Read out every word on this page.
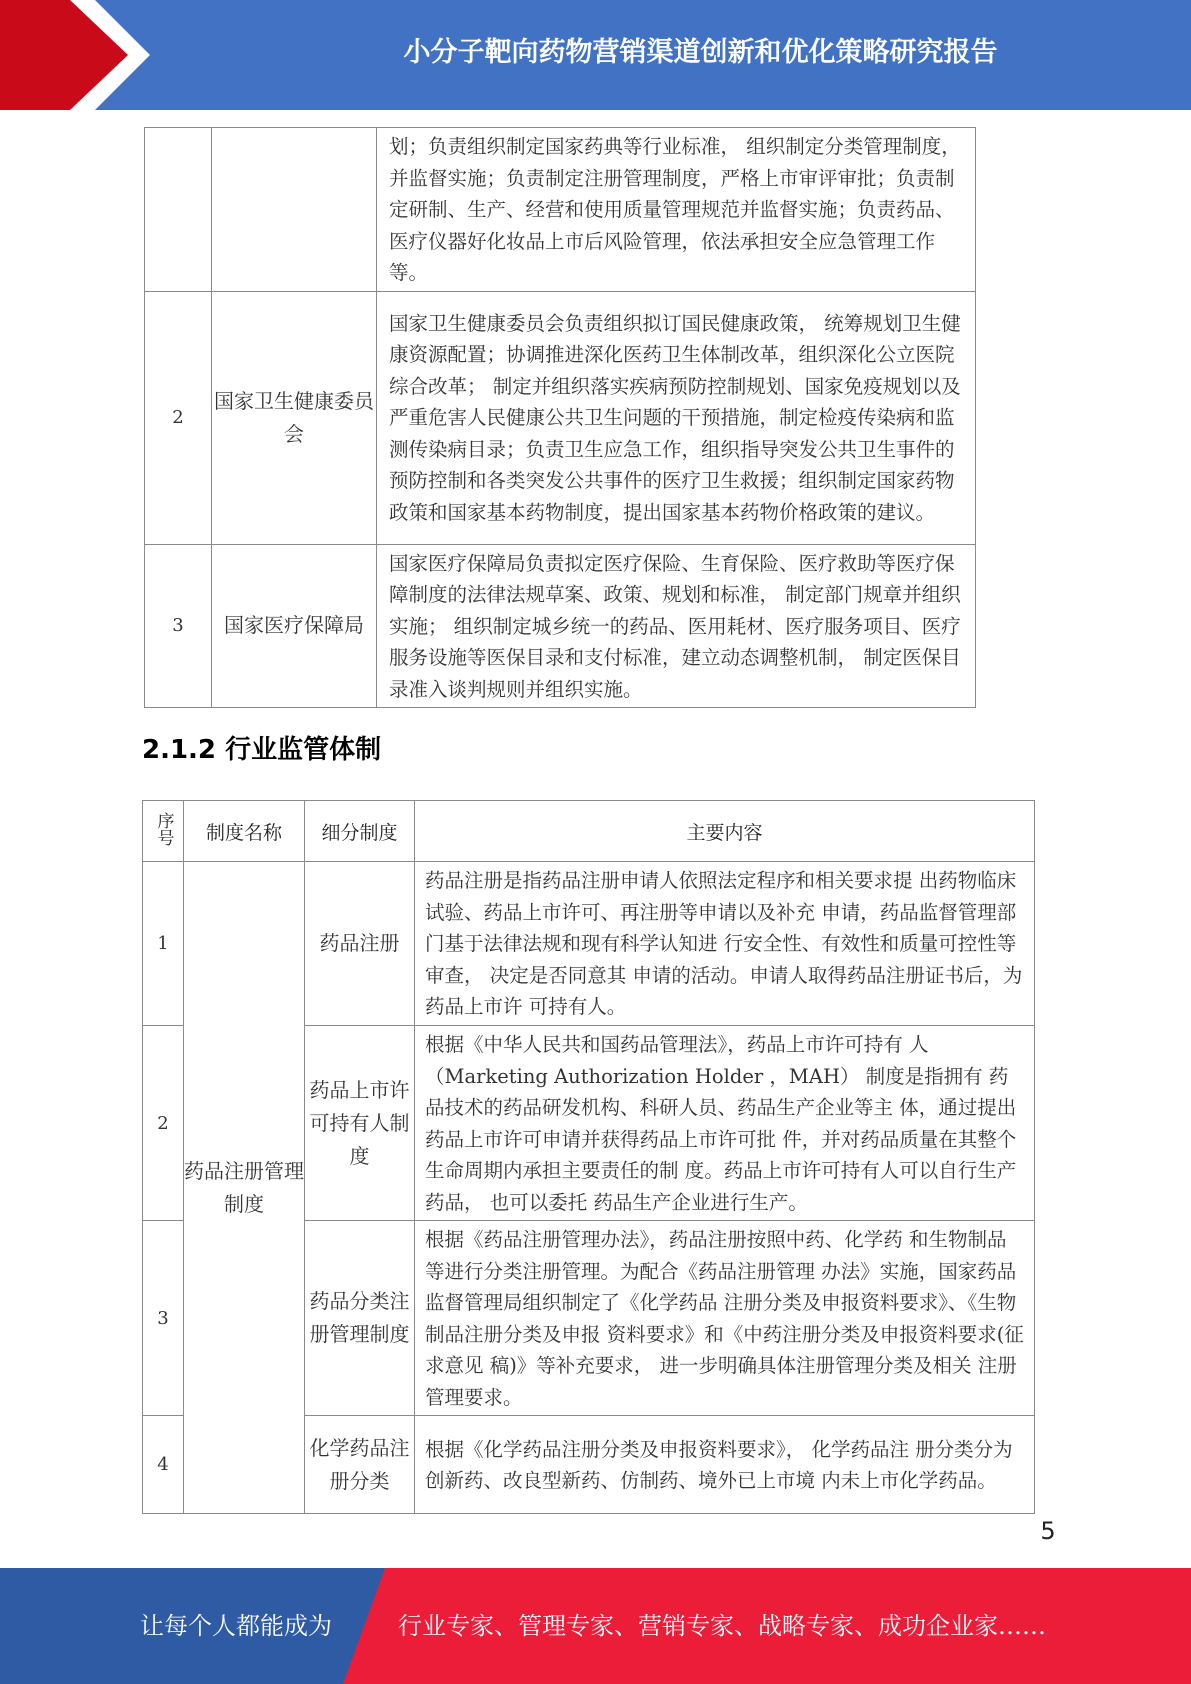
小分子靶向药物营销渠道创新和优化策略研究报告
		划；负责组织制定国家药典等行业标准， 组织制定分类管理制度，并监督实施；负责制定注册管理制度，严格上市审评审批；负责制定研制、生产、经营和使用质量管理规范并监督实施；负责药品、医疗仪器好化妆品上市后风险管理，依法承担安全应急管理工作等。
2	国家卫生健康委员会	国家卫生健康委员会负责组织拟订国民健康政策， 统筹规划卫生健康资源配置；协调推进深化医药卫生体制改革，组织深化公立医院综合改革； 制定并组织落实疾病预防控制规划、国家免疫规划以及严重危害人民健康公共卫生问题的干预措施，制定检疫传染病和监测传染病目录；负责卫生应急工作，组织指导突发公共卫生事件的预防控制和各类突发公共事件的医疗卫生救援；组织制定国家药物政策和国家基本药物制度，提出国家基本药物价格政策的建议。
3	国家医疗保障局	国家医疗保障局负责拟定医疗保险、生育保险、医疗救助等医疗保障制度的法律法规草案、政策、规划和标准， 制定部门规章并组织实施； 组织制定城乡统一的药品、医用耗材、医疗服务项目、医疗服务设施等医保目录和支付标准，建立动态调整机制， 制定医保目录准入谈判规则并组织实施。
2.1.2 行业监管体制
序号	制度名称	细分制度	主要内容
1	药品注册管理制度	药品注册	药品注册是指药品注册申请人依照法定程序和相关要求提 出药物临床试验、药品上市许可、再注册等申请以及补充 申请，药品监督管理部门基于法律法规和现有科学认知进 行安全性、有效性和质量可控性等审查， 决定是否同意其 申请的活动。申请人取得药品注册证书后，为药品上市许 可持有人。
2		药品上市许可持有人制度	根据《中华人民共和国药品管理法》，药品上市许可持有 人（Marketing Authorization Holder ，MAH） 制度是指拥有 药品技术的药品研发机构、科研人员、药品生产企业等主 体，通过提出药品上市许可申请并获得药品上市许可批 件，并对药品质量在其整个生命周期内承担主要责任的制 度。药品上市许可持有人可以自行生产药品， 也可以委托 药品生产企业进行生产。
3		药品分类注册管理制度	根据《药品注册管理办法》，药品注册按照中药、化学药 和生物制品等进行分类注册管理。为配合《药品注册管理 办法》实施，国家药品监督管理局组织制定了《化学药品 注册分类及申报资料要求》、《生物制品注册分类及申报 资料要求》和《中药注册分类及申报资料要求(征求意见 稿)》等补充要求， 进一步明确具体注册管理分类及相关 注册管理要求。
4		化学药品注册分类	根据《化学药品注册分类及申报资料要求》， 化学药品注 册分类分为创新药、改良型新药、仿制药、境外已上市境 内未上市化学药品。
5
让每个人都能成为	行业专家、管理专家、营销专家、战略专家、成功企业家……
